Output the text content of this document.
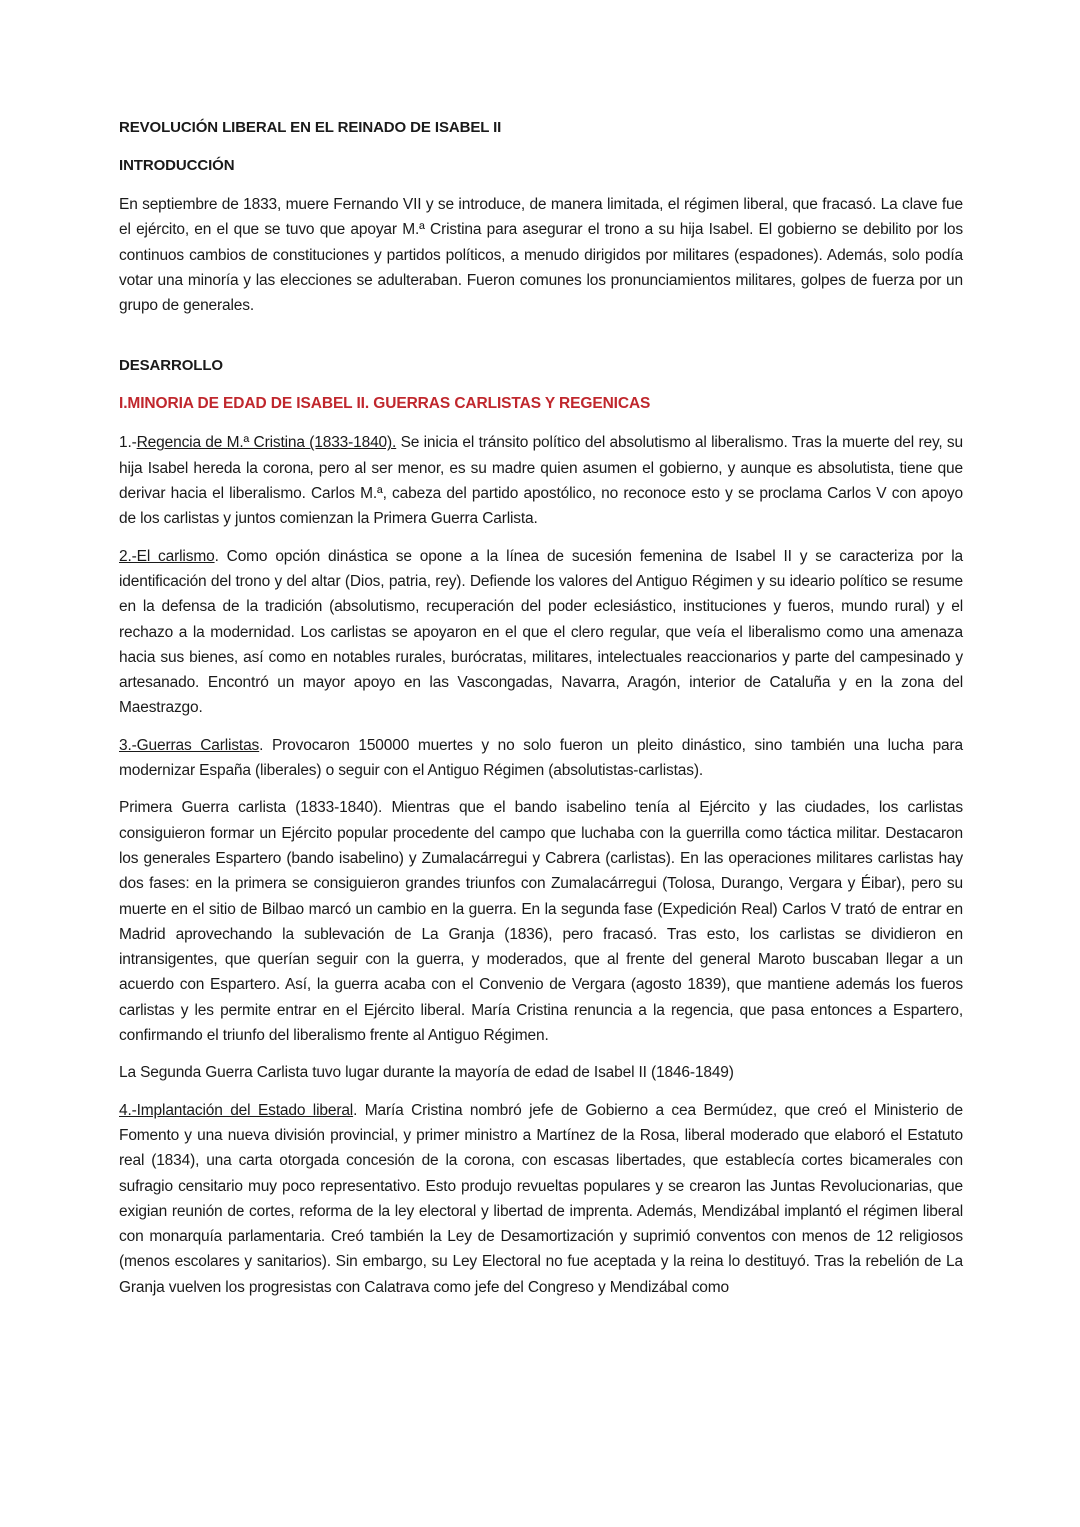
REVOLUCIÓN LIBERAL EN EL REINADO DE ISABEL II
INTRODUCCIÓN

En septiembre de 1833, muere Fernando VII y se introduce, de manera limitada, el régimen liberal, que fracasó. La clave fue el ejército, en el que se tuvo que apoyar M.ª Cristina para asegurar el trono a su hija Isabel. El gobierno se debilito por los continuos cambios de constituciones y partidos políticos, a menudo dirigidos por militares (espadones). Además, solo podía votar una minoría y las elecciones se adulteraban. Fueron comunes los pronunciamientos militares, golpes de fuerza por un grupo de generales.

DESARROLLO
I.MINORIA DE EDAD DE ISABEL II. GUERRAS CARLISTAS Y REGENICAS

1.-Regencia de M.ª Cristina (1833-1840). Se inicia el tránsito político del absolutismo al liberalismo. Tras la muerte del rey, su hija Isabel hereda la corona, pero al ser menor, es su madre quien asumen el gobierno, y aunque es absolutista, tiene que derivar hacia el liberalismo. Carlos M.ª, cabeza del partido apostólico, no reconoce esto y se proclama Carlos V con apoyo de los carlistas y juntos comienzan la Primera Guerra Carlista.

2.-El carlismo. Como opción dinástica se opone a la línea de sucesión femenina de Isabel II y se caracteriza por la identificación del trono y del altar (Dios, patria, rey). Defiende los valores del Antiguo Régimen y su ideario político se resume en la defensa de la tradición (absolutismo, recuperación del poder eclesiástico, instituciones y fueros, mundo rural) y el rechazo a la modernidad. Los carlistas se apoyaron en el que el clero regular, que veía el liberalismo como una amenaza hacia sus bienes, así como en notables rurales, burócratas, militares, intelectuales reaccionarios y parte del campesinado y artesanado. Encontró un mayor apoyo en las Vascongadas, Navarra, Aragón, interior de Cataluña y en la zona del Maestrazgo.

3.-Guerras Carlistas. Provocaron 150000 muertes y no solo fueron un pleito dinástico, sino también una lucha para modernizar España (liberales) o seguir con el Antiguo Régimen (absolutistas-carlistas).

Primera Guerra carlista (1833-1840). Mientras que el bando isabelino tenía al Ejército y las ciudades, los carlistas consiguieron formar un Ejército popular procedente del campo que luchaba con la guerrilla como táctica militar. Destacaron los generales Espartero (bando isabelino) y Zumalacárregui y Cabrera (carlistas). En las operaciones militares carlistas hay dos fases: en la primera se consiguieron grandes triunfos con Zumalacárregui (Tolosa, Durango, Vergara y Éibar), pero su muerte en el sitio de Bilbao marcó un cambio en la guerra. En la segunda fase (Expedición Real) Carlos V trató de entrar en Madrid aprovechando la sublevación de La Granja (1836), pero fracasó. Tras esto, los carlistas se dividieron en intransigentes, que querían seguir con la guerra, y moderados, que al frente del general Maroto buscaban llegar a un acuerdo con Espartero. Así, la guerra acaba con el Convenio de Vergara (agosto 1839), que mantiene además los fueros carlistas y les permite entrar en el Ejército liberal. María Cristina renuncia a la regencia, que pasa entonces a Espartero, confirmando el triunfo del liberalismo frente al Antiguo Régimen.

La Segunda Guerra Carlista tuvo lugar durante la mayoría de edad de Isabel II (1846-1849)

4.-Implantación del Estado liberal. María Cristina nombró jefe de Gobierno a cea Bermúdez, que creó el Ministerio de Fomento y una nueva división provincial, y primer ministro a Martínez de la Rosa, liberal moderado que elaboró el Estatuto real (1834), una carta otorgada concesión de la corona, con escasas libertades, que establecía cortes bicamerales con sufragio censitario muy poco representativo. Esto produjo revueltas populares y se crearon las Juntas Revolucionarias, que exigian reunión de cortes, reforma de la ley electoral y libertad de imprenta. Además, Mendizábal implantó el régimen liberal con monarquía parlamentaria. Creó también la Ley de Desamortización y suprimió conventos con menos de 12 religiosos (menos escolares y sanitarios). Sin embargo, su Ley Electoral no fue aceptada y la reina lo destituyó. Tras la rebelión de La Granja vuelven los progresistas con Calatrava como jefe del Congreso y Mendizábal como
